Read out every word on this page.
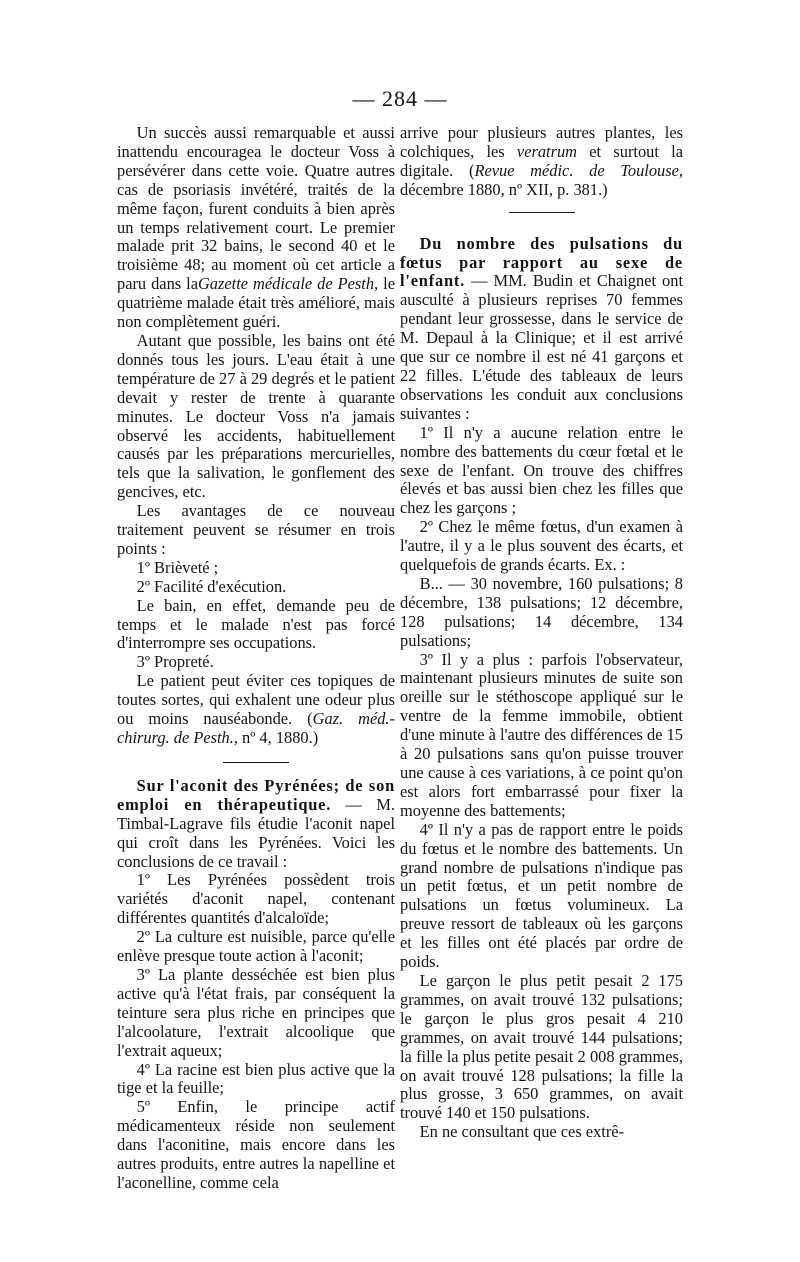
— 284 —

Un succès aussi remarquable et aussi inattendu encouragea le docteur Voss à persévérer dans cette voie. Quatre autres cas de psoriasis invétéré, traités de la même façon, furent conduits à bien après un temps relativement court. Le premier malade prit 32 bains, le second 40 et le troisième 48; au moment où cet article a paru dans laGazette médicale de Pesth, le quatrième malade était très amélioré, mais non complètement guéri.

Autant que possible, les bains ont été donnés tous les jours. L'eau était à une température de 27 à 29 degrés et le patient devait y rester de trente à quarante minutes. Le docteur Voss n'a jamais observé les accidents, habituellement causés par les préparations mercurielles, tels que la salivation, le gonflement des gencives, etc.

Les avantages de ce nouveau traitement peuvent se résumer en trois points :

1º Brièveté ;

2º Facilité d'exécution.

Le bain, en effet, demande peu de temps et le malade n'est pas forcé d'interrompre ses occupations.

3º Propreté.

Le patient peut éviter ces topiques de toutes sortes, qui exhalent une odeur plus ou moins nauséabonde. (Gaz. méd.-chirurg. de Pesth., nº 4, 1880.)

Sur l'aconit des Pyrénées; de son emploi en thérapeutique. — M. Timbal-Lagrave fils étudie l'aconit napel qui croît dans les Pyrénées. Voici les conclusions de ce travail :

1º Les Pyrénées possèdent trois variétés d'aconit napel, contenant différentes quantités d'alcaloïde;

2º La culture est nuisible, parce qu'elle enlève presque toute action à l'aconit;

3º La plante desséchée est bien plus active qu'à l'état frais, par conséquent la teinture sera plus riche en principes que l'alcoolature, l'extrait alcoolique que l'extrait aqueux;

4º La racine est bien plus active que la tige et la feuille;

5º Enfin, le principe actif médicamenteux réside non seulement dans l'aconitine, mais encore dans les autres produits, entre autres la napelline et l'aconelline, comme cela

arrive pour plusieurs autres plantes, les colchiques, les veratrum et surtout la digitale. (Revue médic. de Toulouse, décembre 1880, nº XII, p. 381.)

Du nombre des pulsations du fœtus par rapport au sexe de l'enfant. — MM. Budin et Chaignet ont ausculté à plusieurs reprises 70 femmes pendant leur grossesse, dans le service de M. Depaul à la Clinique; et il est arrivé que sur ce nombre il est né 41 garçons et 22 filles. L'étude des tableaux de leurs observations les conduit aux conclusions suivantes :

1º Il n'y a aucune relation entre le nombre des battements du cœur fœtal et le sexe de l'enfant. On trouve des chiffres élevés et bas aussi bien chez les filles que chez les garçons ;

2º Chez le même fœtus, d'un examen à l'autre, il y a le plus souvent des écarts, et quelquefois de grands écarts. Ex. :

B... — 30 novembre, 160 pulsations; 8 décembre, 138 pulsations; 12 décembre, 128 pulsations; 14 décembre, 134 pulsations;

3º Il y a plus : parfois l'observateur, maintenant plusieurs minutes de suite son oreille sur le stéthoscope appliqué sur le ventre de la femme immobile, obtient d'une minute à l'autre des différences de 15 à 20 pulsations sans qu'on puisse trouver une cause à ces variations, à ce point qu'on est alors fort embarrassé pour fixer la moyenne des battements;

4º Il n'y a pas de rapport entre le poids du fœtus et le nombre des battements. Un grand nombre de pulsations n'indique pas un petit fœtus, et un petit nombre de pulsations un fœtus volumineux. La preuve ressort de tableaux où les garçons et les filles ont été placés par ordre de poids.

Le garçon le plus petit pesait 2 175 grammes, on avait trouvé 132 pulsations; le garçon le plus gros pesait 4 210 grammes, on avait trouvé 144 pulsations; la fille la plus petite pesait 2 008 grammes, on avait trouvé 128 pulsations; la fille la plus grosse, 3 650 grammes, on avait trouvé 140 et 150 pulsations.

En ne consultant que ces extrê-
